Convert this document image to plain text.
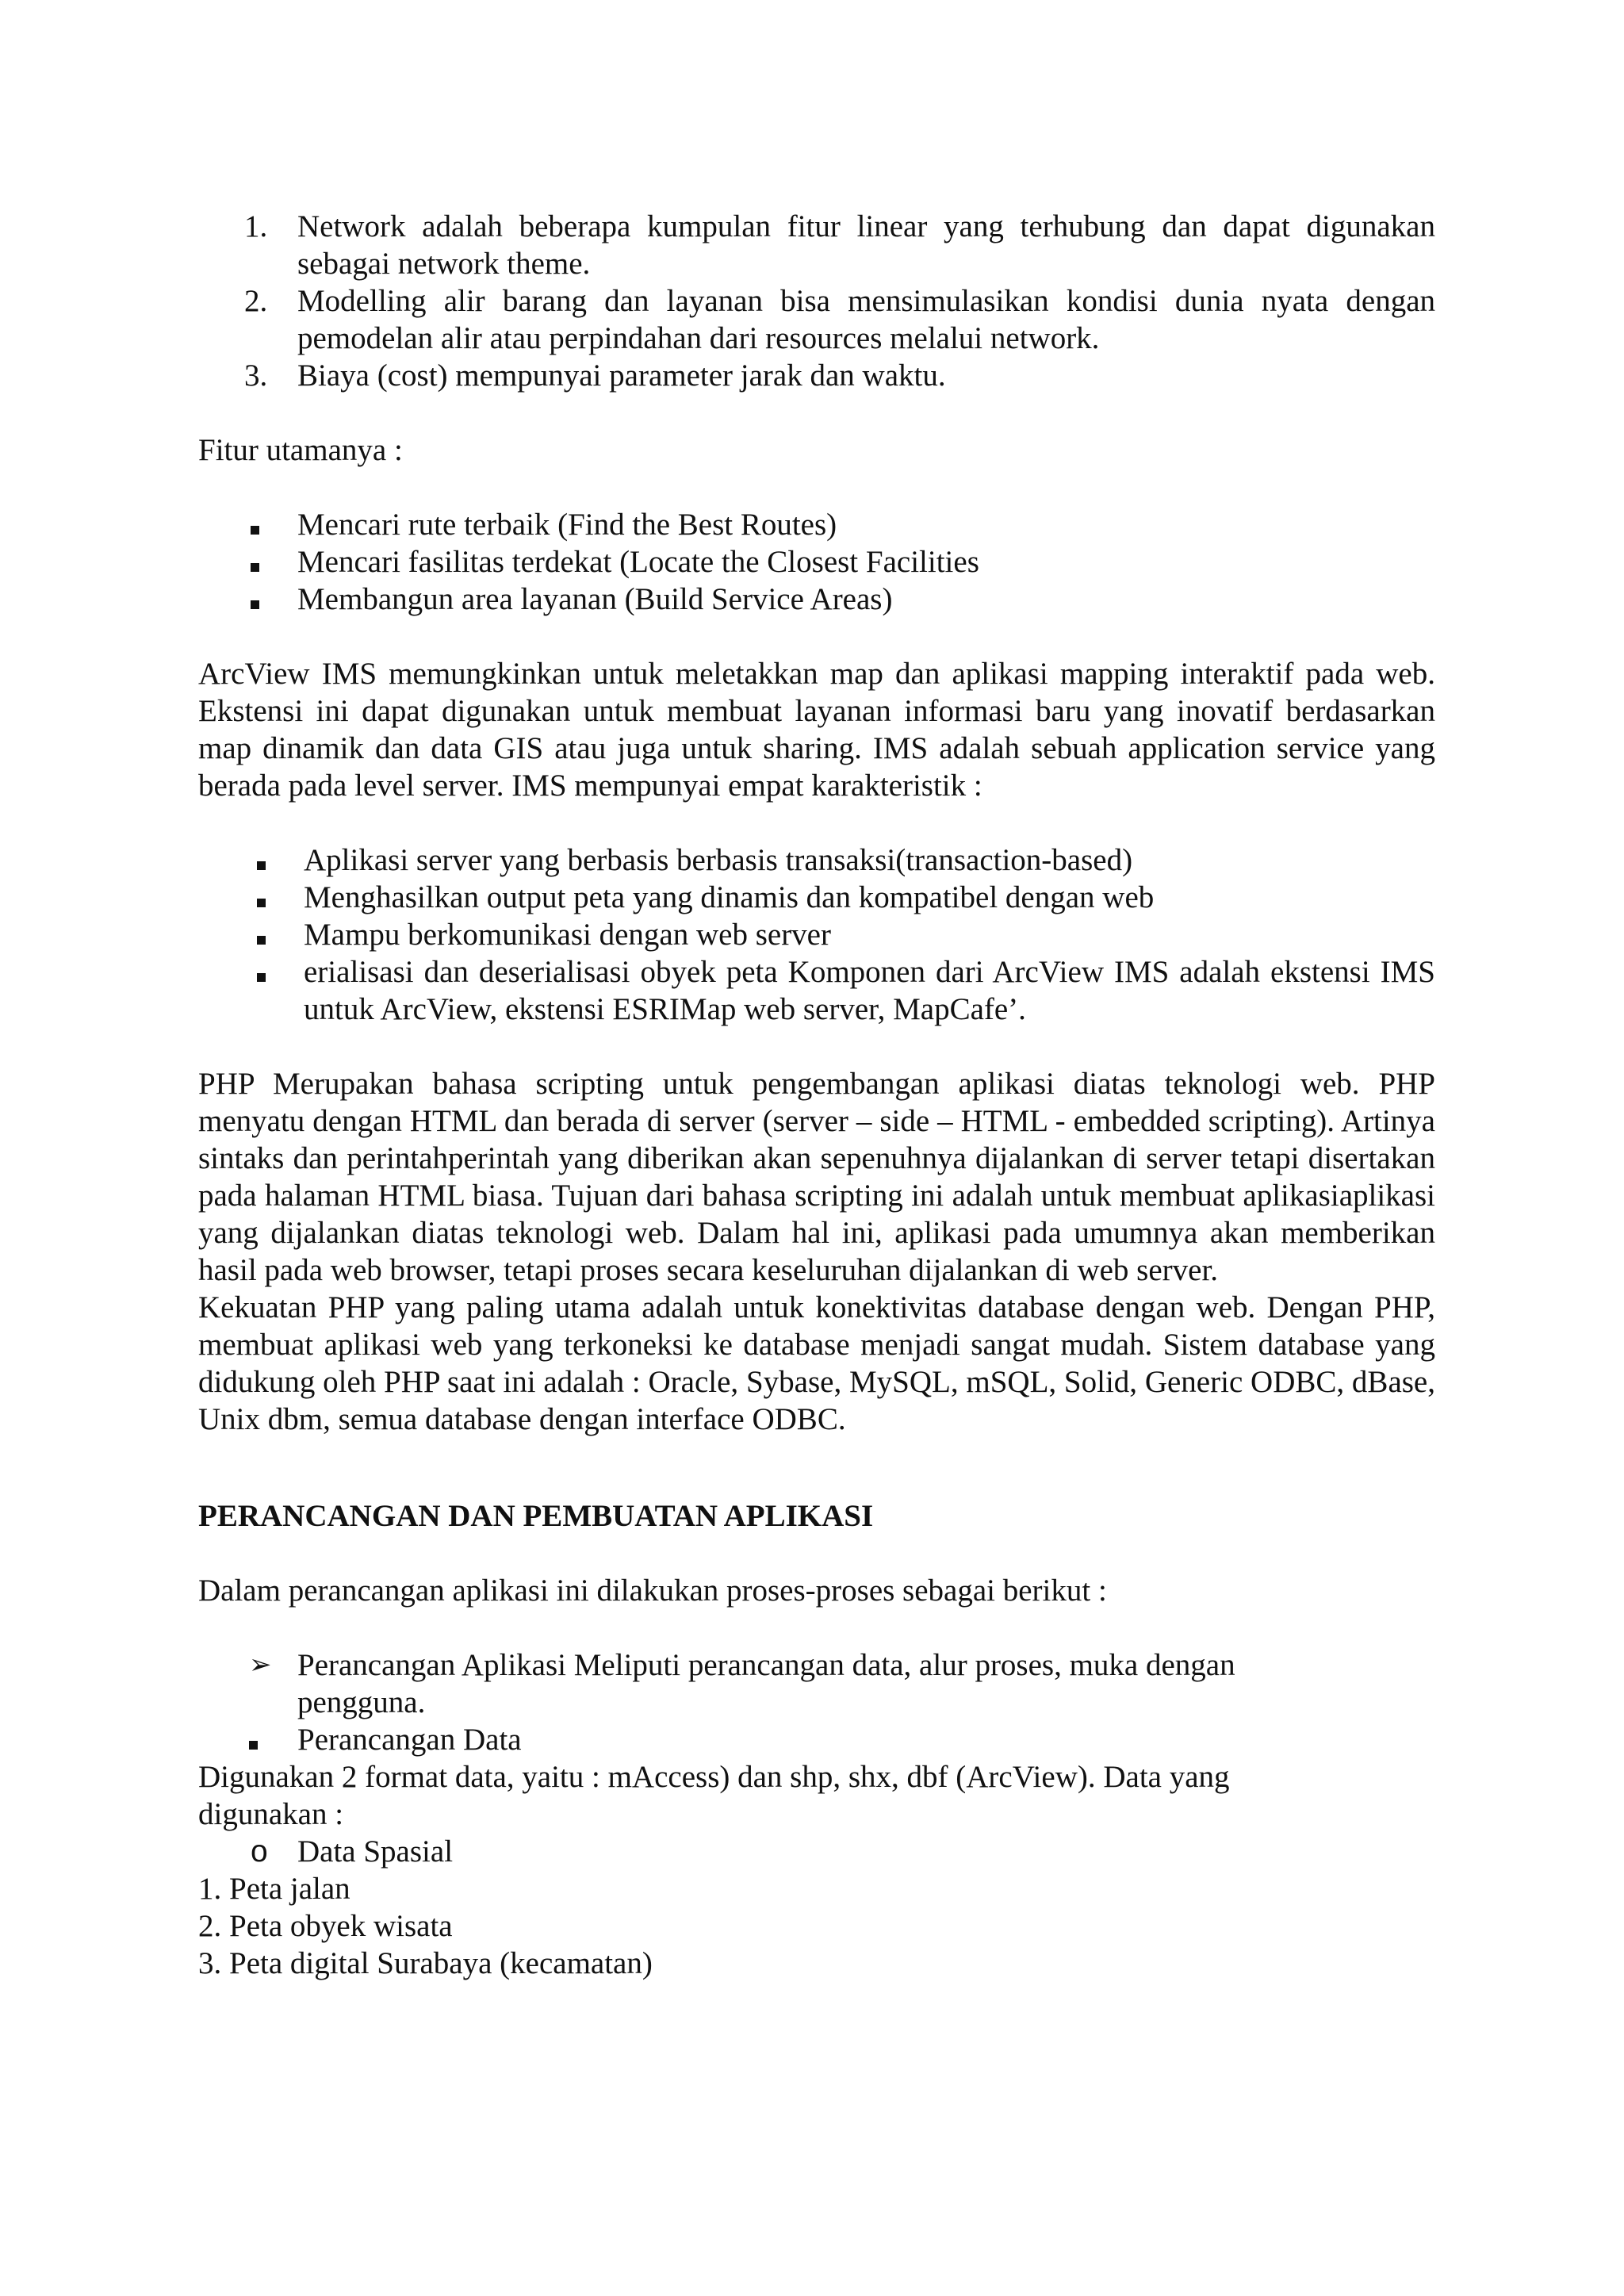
1. Network adalah beberapa kumpulan fitur linear yang terhubung dan dapat digunakan sebagai network theme.
2. Modelling alir barang dan layanan bisa mensimulasikan kondisi dunia nyata dengan pemodelan alir atau perpindahan dari resources melalui network.
3. Biaya (cost) mempunyai parameter jarak dan waktu.

Fitur utamanya :

Mencari rute terbaik (Find the Best Routes)
Mencari fasilitas terdekat (Locate the Closest Facilities
Membangun area layanan (Build Service Areas)

ArcView IMS memungkinkan untuk meletakkan map dan aplikasi mapping interaktif pada web. Ekstensi ini dapat digunakan untuk membuat layanan informasi baru yang inovatif berdasarkan map dinamik dan data GIS atau juga untuk sharing. IMS adalah sebuah application service yang berada pada level server. IMS mempunyai empat karakteristik :

Aplikasi server yang berbasis berbasis transaksi(transaction-based)
Menghasilkan output peta yang dinamis dan kompatibel dengan web
Mampu berkomunikasi dengan web server
erialisasi dan deserialisasi obyek peta Komponen dari ArcView IMS adalah ekstensi IMS untuk ArcView, ekstensi ESRIMap web server, MapCafe’.

PHP Merupakan bahasa scripting untuk pengembangan aplikasi diatas teknologi web. PHP menyatu dengan HTML dan berada di server (server – side – HTML - embedded scripting). Artinya sintaks dan perintahperintah yang diberikan akan sepenuhnya dijalankan di server tetapi disertakan pada halaman HTML biasa. Tujuan dari bahasa scripting ini adalah untuk membuat aplikasiaplikasi yang dijalankan diatas teknologi web. Dalam hal ini, aplikasi pada umumnya akan memberikan hasil pada web browser, tetapi proses secara keseluruhan dijalankan di web server.

Kekuatan PHP yang paling utama adalah untuk konektivitas database dengan web. Dengan PHP, membuat aplikasi web yang terkoneksi ke database menjadi sangat mudah. Sistem database yang didukung oleh PHP saat ini adalah : Oracle, Sybase, MySQL, mSQL, Solid, Generic ODBC, dBase, Unix dbm, semua database dengan interface ODBC.

PERANCANGAN DAN PEMBUATAN APLIKASI

Dalam perancangan aplikasi ini dilakukan proses-proses sebagai berikut :

➢ Perancangan Aplikasi Meliputi perancangan data, alur proses, muka dengan pengguna.
Perancangan Data

Digunakan 2 format data, yaitu : mAccess) dan shp, shx, dbf (ArcView). Data yang digunakan :

o Data Spasial

1. Peta jalan

2. Peta obyek wisata

3. Peta digital Surabaya (kecamatan)
